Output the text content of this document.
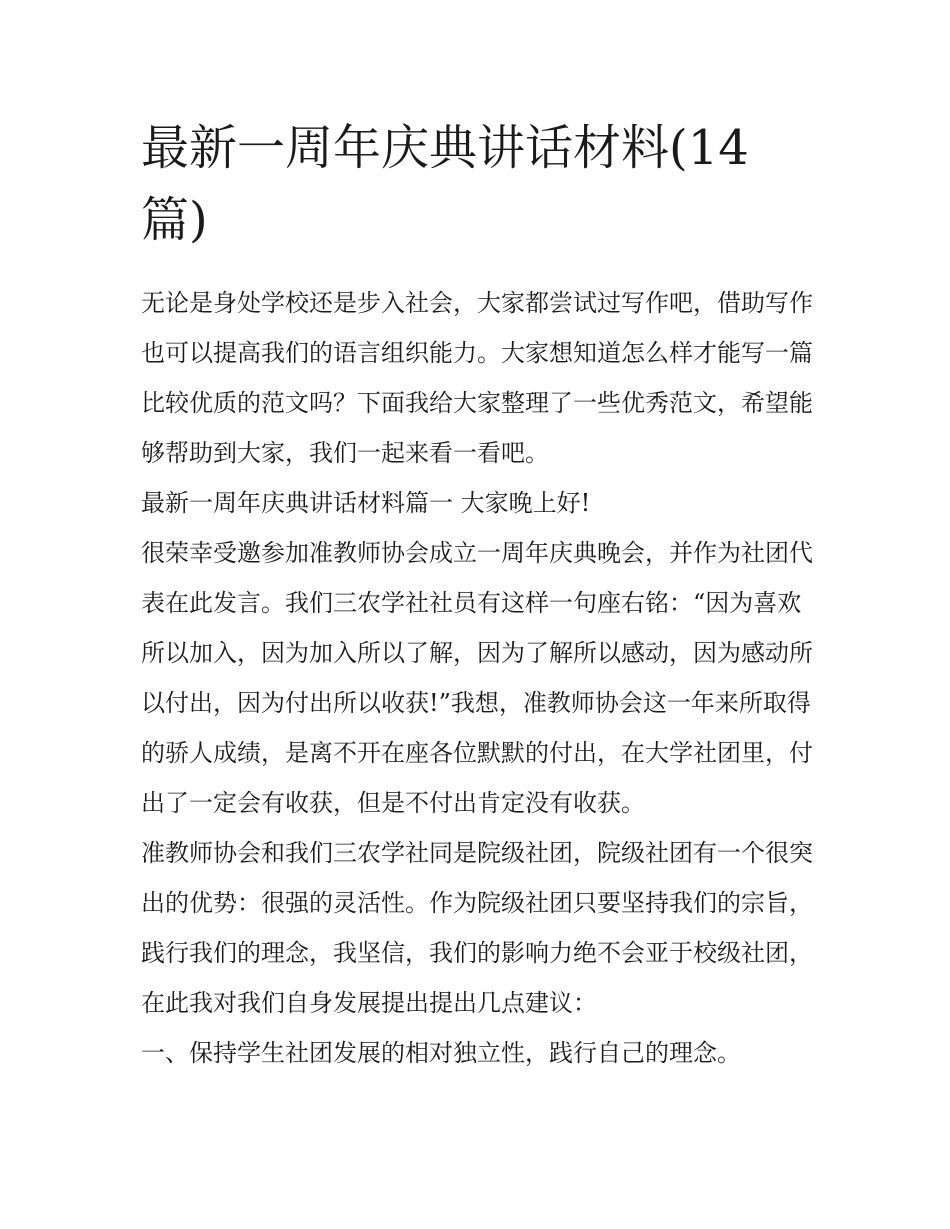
最新一周年庆典讲话材料(14篇)

无论是身处学校还是步入社会，大家都尝试过写作吧，借助写作也可以提高我们的语言组织能力。大家想知道怎么样才能写一篇比较优质的范文吗？下面我给大家整理了一些优秀范文，希望能够帮助到大家，我们一起来看一看吧。

最新一周年庆典讲话材料篇一 大家晚上好!

很荣幸受邀参加准教师协会成立一周年庆典晚会，并作为社团代表在此发言。我们三农学社社员有这样一句座右铭：“因为喜欢所以加入，因为加入所以了解，因为了解所以感动，因为感动所以付出，因为付出所以收获!”我想，准教师协会这一年来所取得的骄人成绩，是离不开在座各位默默的付出，在大学社团里，付出了一定会有收获，但是不付出肯定没有收获。

准教师协会和我们三农学社同是院级社团，院级社团有一个很突出的优势：很强的灵活性。作为院级社团只要坚持我们的宗旨，践行我们的理念，我坚信，我们的影响力绝不会亚于校级社团，在此我对我们自身发展提出提出几点建议：

一、保持学生社团发展的相对独立性，践行自己的理念。
